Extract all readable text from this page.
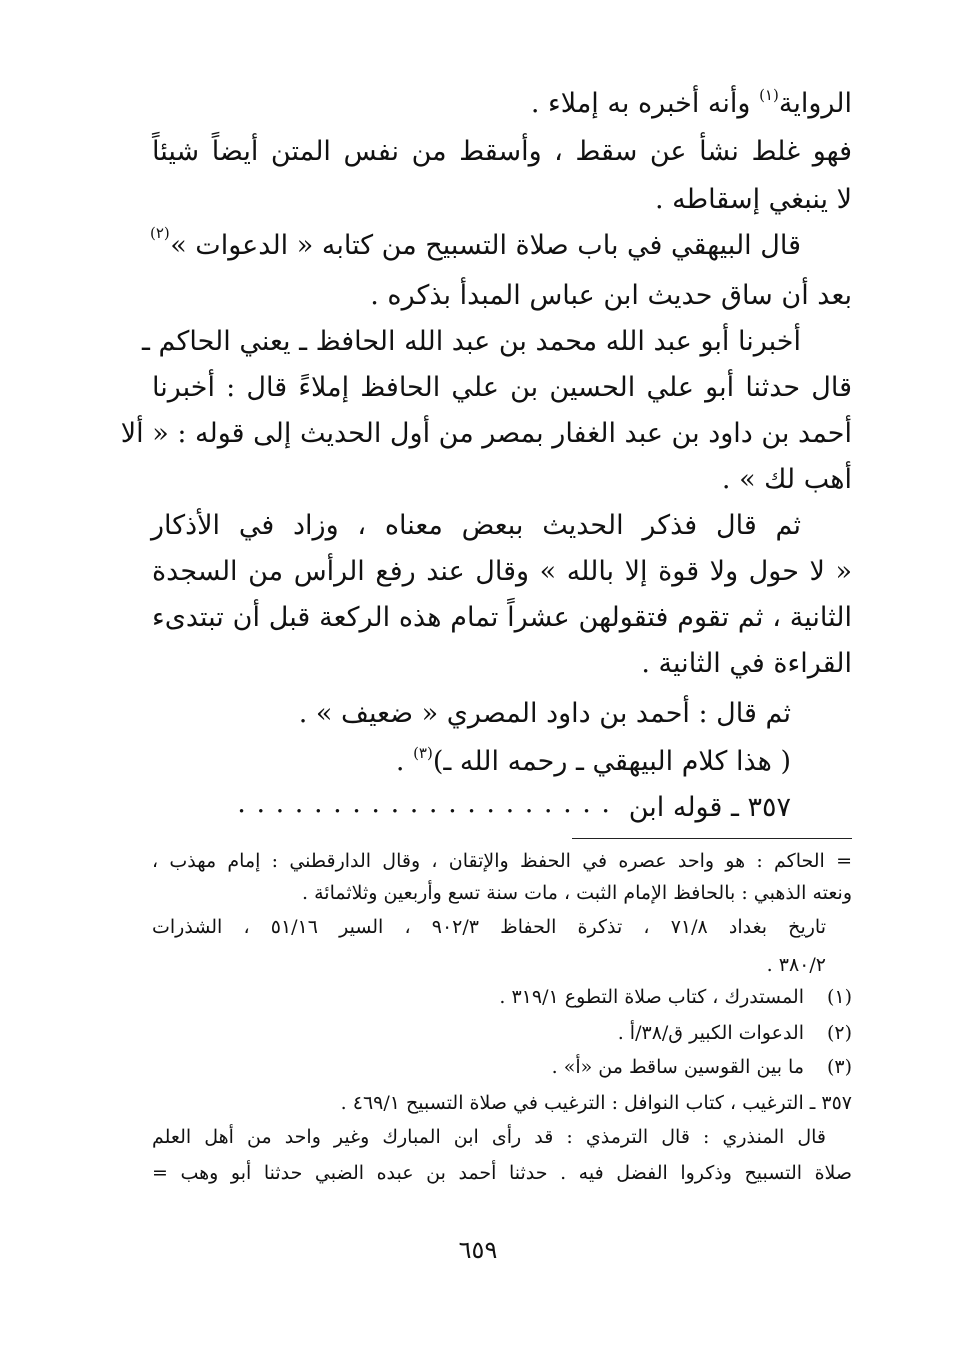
الرواية$^{(١)}$ وأنه أخبره به إملاء .
فهو غلط نشأ عن سقط ، وأسقط من نفس المتن أيضاً شيئاً
لا ينبغي إسقاطه .
قال البيهقي في باب صلاة التسبيح من كتابه « الدعوات »
(٢)
بعد أن ساق حديث ابن عباس المبدأ بذكره .
أخبرنا أبو عبد الله محمد بن عبد الله الحافظ ـ يعني الحاكم ـ
قال حدثنا أبو علي الحسين بن علي الحافظ إملاءً قال : أخبرنا
أحمد بن داود بن عبد الغفار بمصر من أول الحديث إلى قوله : « ألا
أهب لك » .
ثم قال فذكر الحديث ببعض معناه ، وزاد في الأذكار
« لا حول ولا قوة إلا بالله » وقال عند رفع الرأس من السجدة
الثانية ، ثم تقوم فتقولهن عشراً تمام هذه الركعة قبل أن تبتدىء
القراءة في الثانية .
ثم قال : أحمد بن داود المصري « ضعيف » .
( هذا كلام البيهقي ـ رحمه الله ـ)$^{(٣)}$ .
٣٥٧ ـ قوله ابن
. . . . . . . . . . . . . . . . . . . .
= الحاكم : هو واحد عصره في الحفظ والإتقان ، وقال الدارقطني : إمام مهذب ،
ونعته الذهبي : بالحافظ الإمام الثبت ، مات سنة تسع وأربعين وثلاثمائة .
تاريخ بغداد ٧١/٨ ، تذكرة الحفاظ ٩٠٢/٣ ، السير ٥١/١٦ ، الشذرات
٣٨٠/٢ .
(١)
المستدرك ، كتاب صلاة التطوع ٣١٩/١ .
(٢)
الدعوات الكبير ق/٣٨/أ .
(٣)
ما بين القوسين ساقط من «أ» .
٣٥٧ ـ الترغيب ، كتاب النوافل : الترغيب في صلاة التسبيح ٤٦٩/١ .
قال المنذري : قال الترمذي : قد رأى ابن المبارك وغير واحد من أهل العلم
صلاة التسبيح وذكروا الفضل فيه . حدثنا أحمد بن عبده الضبي حدثنا أبو وهب =
٦٥٩
